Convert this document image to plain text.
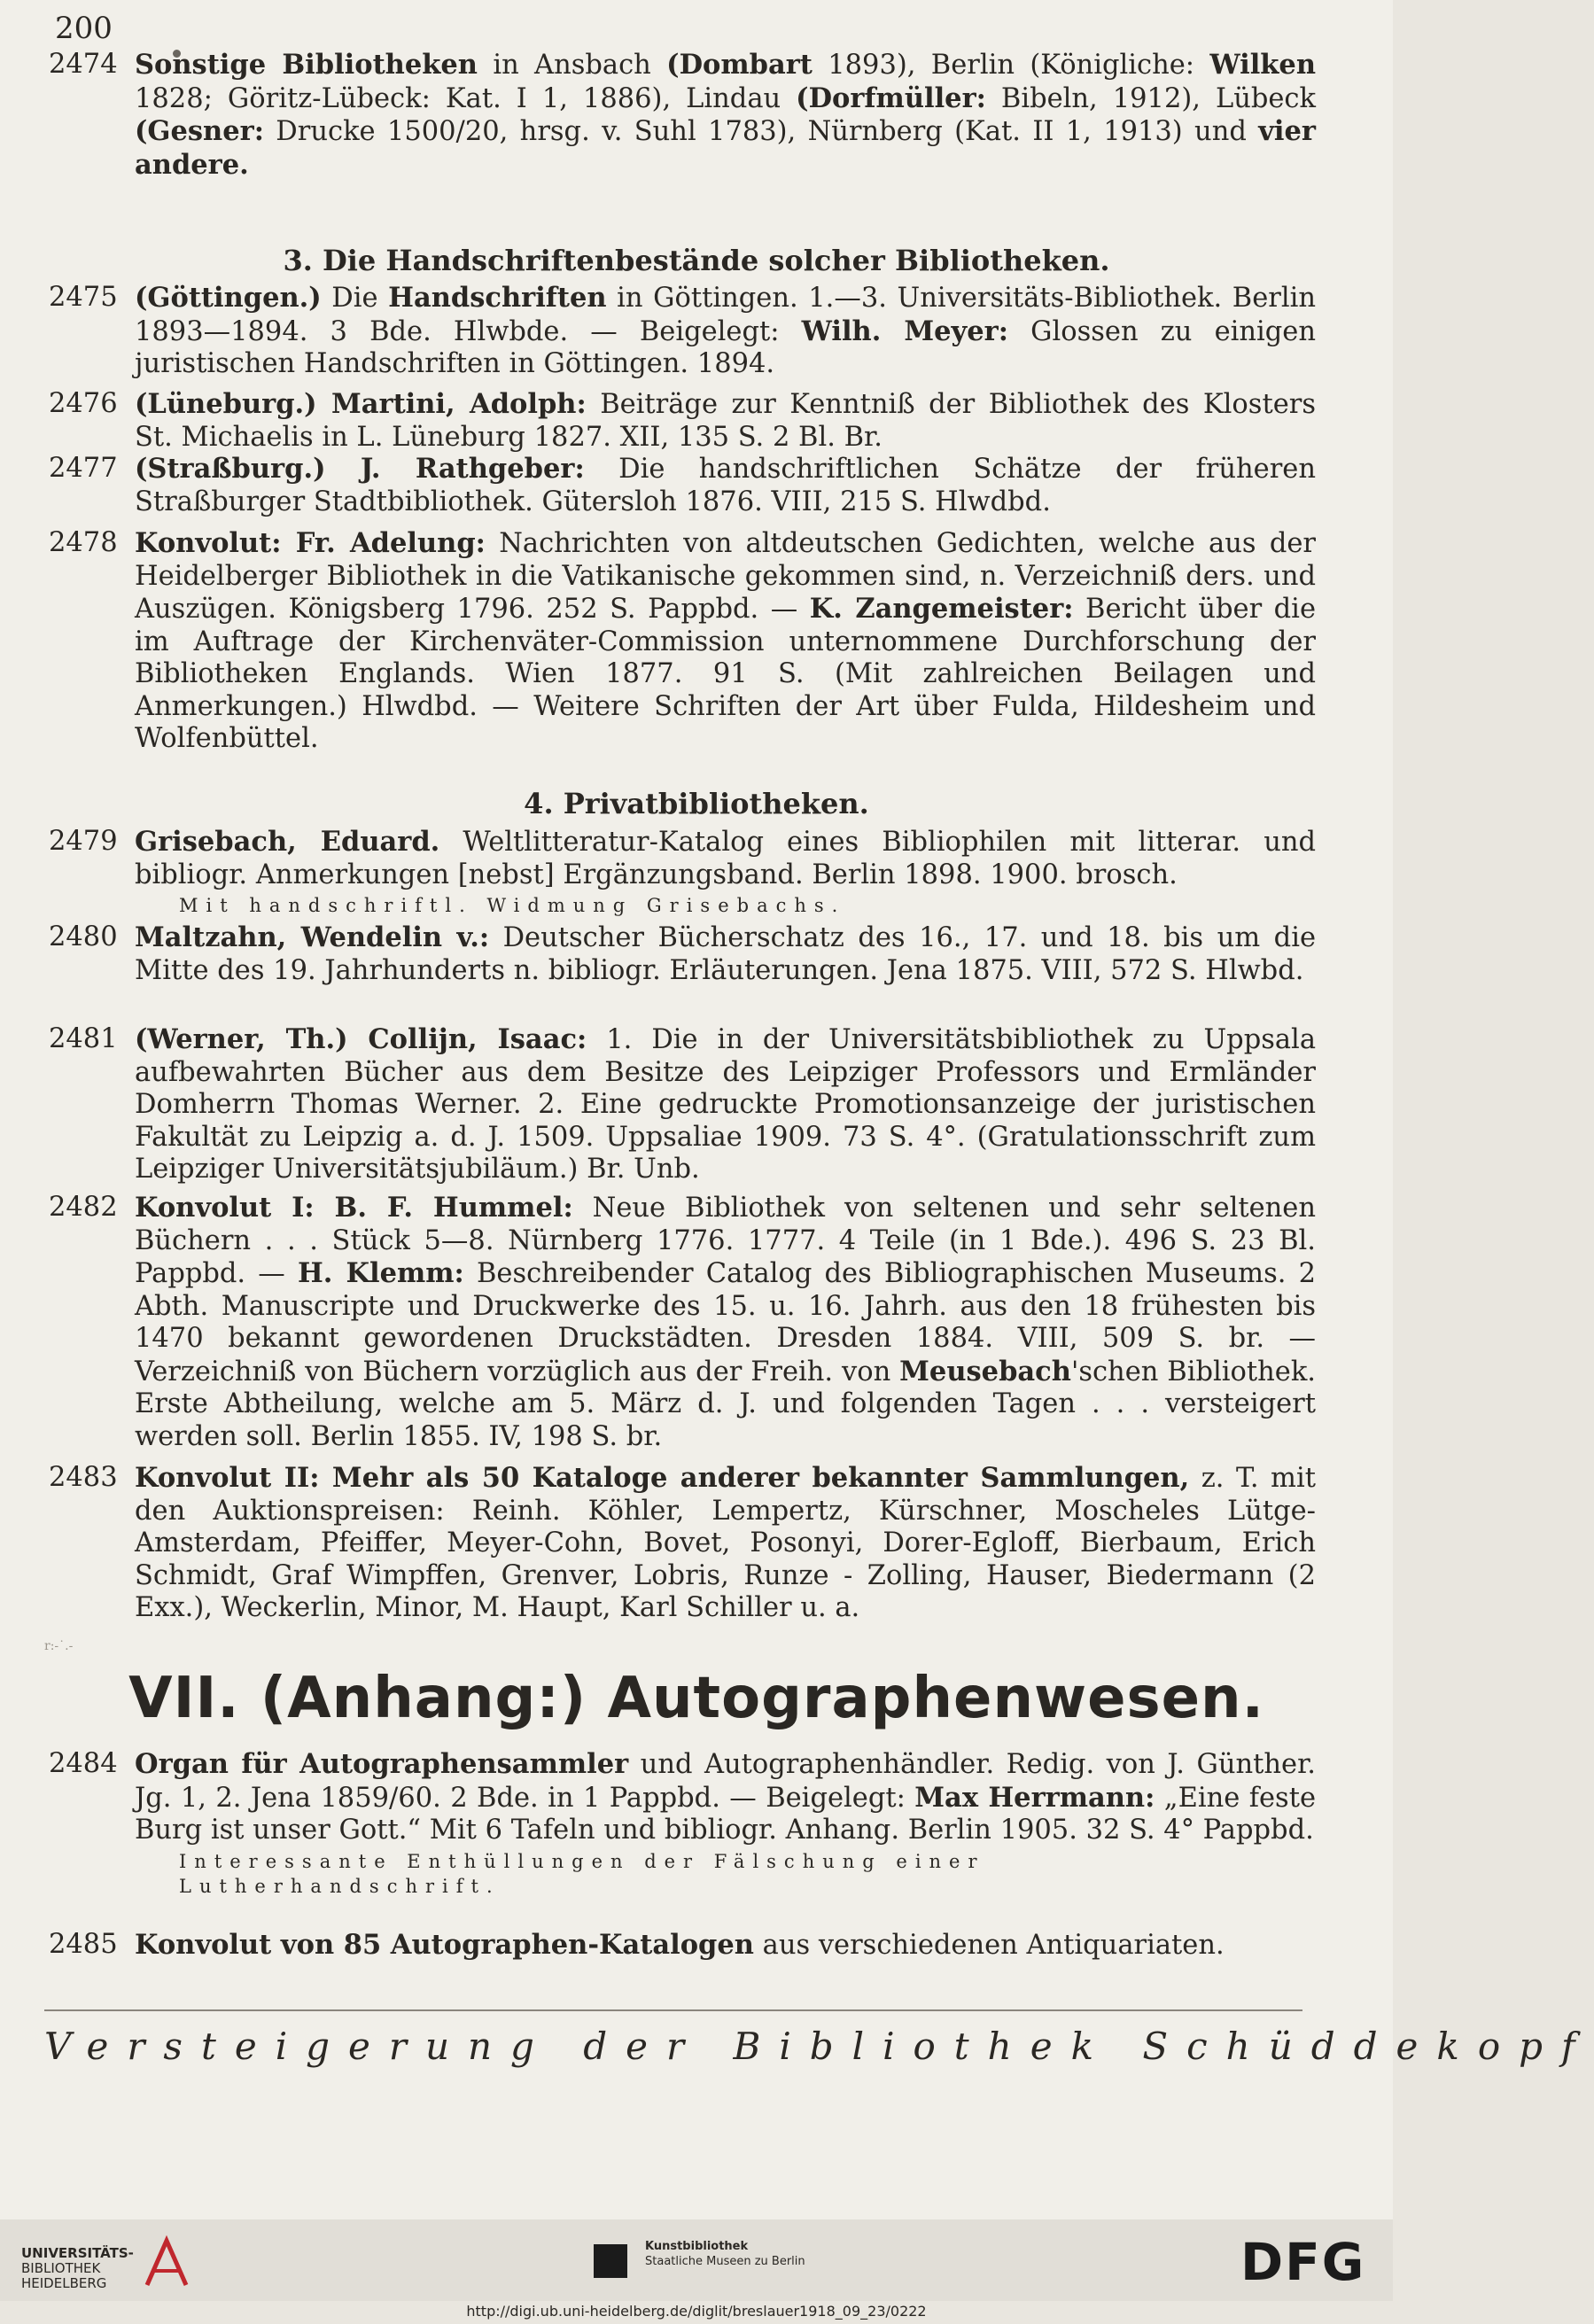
200
2474 Sonstige Bibliotheken in Ansbach (Dombart 1893), Berlin (Königliche: Wilken 1828; Göritz-Lübeck: Kat. I 1, 1886), Lindau (Dorfmüller: Bibeln, 1912), Lübeck (Gesner: Drucke 1500/20, hrsg. v. Suhl 1783), Nürnberg (Kat. II 1, 1913) und vier andere.
3. Die Handschriftenbestände solcher Bibliotheken.
2475 (Göttingen.) Die Handschriften in Göttingen. 1.—3. Universitäts-Bibliothek. Berlin 1893—1894. 3 Bde. Hlwbde. — Beigelegt: Wilh. Meyer: Glossen zu einigen juristischen Handschriften in Göttingen. 1894.
2476 (Lüneburg.) Martini, Adolph: Beiträge zur Kenntniß der Bibliothek des Klosters St. Michaelis in L. Lüneburg 1827. XII, 135 S. 2 Bl. Br.
2477 (Straßburg.) J. Rathgeber: Die handschriftlichen Schätze der früheren Straßburger Stadtbibliothek. Gütersloh 1876. VIII, 215 S. Hlwdbd.
2478 Konvolut: Fr. Adelung: Nachrichten von altdeutschen Gedichten, welche aus der Heidelberger Bibliothek in die Vatikanische gekommen sind, n. Verzeichniß ders. und Auszügen. Königsberg 1796. 252 S. Pappbd. — K. Zangemeister: Bericht über die im Auftrage der Kirchenväter-Commission unternommene Durchforschung der Bibliotheken Englands. Wien 1877. 91 S. (Mit zahlreichen Beilagen und Anmerkungen.) Hlwdbd. — Weitere Schriften der Art über Fulda, Hildesheim und Wolfenbüttel.
4. Privatbibliotheken.
2479 Grisebach, Eduard. Weltlitteratur-Katalog eines Bibliophilen mit litterar. und bibliogr. Anmerkungen [nebst] Ergänzungsband. Berlin 1898. 1900. brosch.
Mit handschriftl. Widmung Grisebachs.
2480 Maltzahn, Wendelin v.: Deutscher Bücherschatz des 16., 17. und 18. bis um die Mitte des 19. Jahrhunderts n. bibliogr. Erläuterungen. Jena 1875. VIII, 572 S. Hlwbd.
2481 (Werner, Th.) Collijn, Isaac: 1. Die in der Universitätsbibliothek zu Uppsala aufbewahrten Bücher aus dem Besitze des Leipziger Professors und Ermländer Domherrn Thomas Werner. 2. Eine gedruckte Promotionsanzeige der juristischen Fakultät zu Leipzig a. d. J. 1509. Uppsaliae 1909. 73 S. 4°. (Gratulationsschrift zum Leipziger Universitätsjubiläum.) Br. Unb.
2482 Konvolut I: B. F. Hummel: Neue Bibliothek von seltenen und sehr seltenen Büchern . . . Stück 5—8. Nürnberg 1776. 1777. 4 Teile (in 1 Bde.). 496 S. 23 Bl. Pappbd. — H. Klemm: Beschreibender Catalog des Bibliographischen Museums. 2 Abth. Manuscripte und Druckwerke des 15. u. 16. Jahrh. aus den 18 frühesten bis 1470 bekannt gewordenen Druckstädten. Dresden 1884. VIII, 509 S. br. — Verzeichniß von Büchern vorzüglich aus der Freih. von Meusebach'schen Bibliothek. Erste Abtheilung, welche am 5. März d. J. und folgenden Tagen . . . versteigert werden soll. Berlin 1855. IV, 198 S. br.
2483 Konvolut II: Mehr als 50 Kataloge anderer bekannter Sammlungen, z. T. mit den Auktionspreisen: Reinh. Köhler, Lempertz, Kürschner, Moscheles Lütge-Amsterdam, Pfeiffer, Meyer-Cohn, Bovet, Posonyi, Dorer-Egloff, Bierbaum, Erich Schmidt, Graf Wimpffen, Grenver, Lobris, Runze - Zolling, Hauser, Biedermann (2 Exx.), Weckerlin, Minor, M. Haupt, Karl Schiller u. a.
r:-˙.-
VII. (Anhang:) Autographenwesen.
2484 Organ für Autographensammler und Autographenhändler. Redig. von J. Günther. Jg. 1, 2. Jena 1859/60. 2 Bde. in 1 Pappbd. — Beigelegt: Max Herrmann: „Eine feste Burg ist unser Gott.“ Mit 6 Tafeln und bibliogr. Anhang. Berlin 1905. 32 S. 4° Pappbd.
Interessante Enthüllungen der Fälschung einer Lutherhandschrift.
2485 Konvolut von 85 Autographen-Katalogen aus verschiedenen Antiquariaten.
Versteigerung der Bibliothek Schüddekopf
UNIVERSITÄTS-
BIBLIOTHEK
HEIDELBERG
Kunstbibliothek
Staatliche Museen zu Berlin	DFG
http://digi.ub.uni-heidelberg.de/diglit/breslauer1918_09_23/0222
